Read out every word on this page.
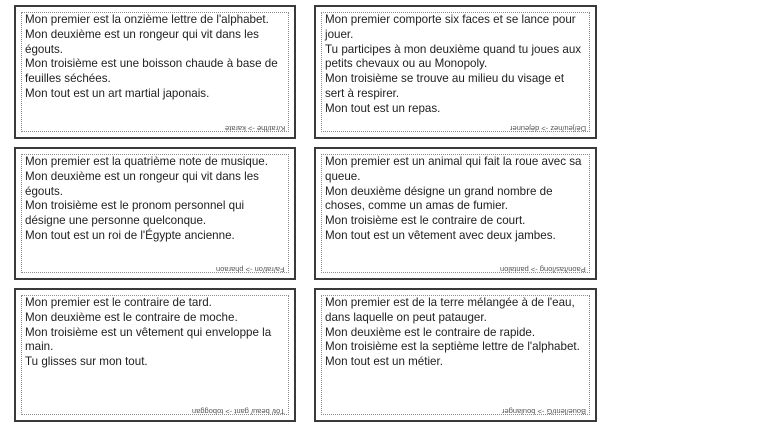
Mon premier est la onzième lettre de l'alphabet.

Mon deuxième est un rongeur qui vit dans les égouts.

Mon troisième est une boisson chaude à base de feuilles séchées.

Mon tout est un art martial japonais.

K/rat/thé -> karaté

Mon premier comporte six faces et se lance pour jouer.

Tu participes à mon deuxième quand tu joues aux petits chevaux ou au Monopoly.

Mon troisième se trouve au milieu du visage et sert à respirer.

Mon tout est un repas.

Dé/jeu/nez -> déjeuner

Mon premier est la quatrième note de musique.

Mon deuxième est un rongeur qui vit dans les égouts.

Mon troisième est le pronom personnel qui désigne une personne quelconque.

Mon tout est un roi de l'Égypte ancienne.

Fa/rat/on -> pharaon

Mon premier est un animal qui fait la roue avec sa queue.

Mon deuxième désigne un grand nombre de choses, comme un amas de fumier.

Mon troisième est le contraire de court.

Mon tout est un vêtement avec deux jambes.

Paon/tas/long -> pantalon

Mon premier est le contraire de tard.

Mon deuxième est le contraire de moche.

Mon troisième est un vêtement qui enveloppe la main.

Tu glisses sur mon tout.

Tôt/ beau/ gant -> toboggan

Mon premier est de la terre mélangée à de l'eau, dans laquelle on peut patauger.

Mon deuxième est le contraire de rapide.

Mon troisième est la septième lettre de l'alphabet.

Mon tout est un métier.

Boue/lent/G -> boulanger
